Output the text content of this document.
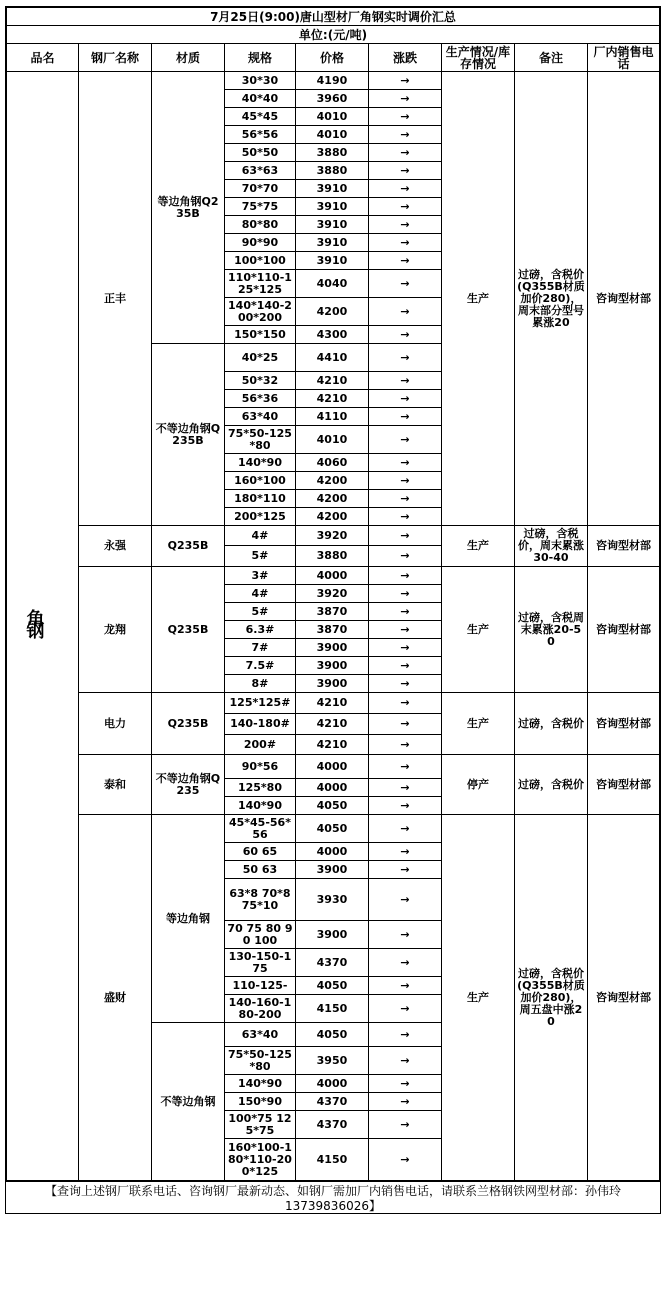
7月25日(9:00)唐山型材厂角钢实时调价汇总								
单位:(元/吨)								
品名	钢厂名称	材质	规格	价格	涨跌	生产情况/库存情况	备注	厂内销售电话
角 钢	正丰	等边角钢Q235B	30*30	4190	→	生产	过磅，含税价(Q355B材质加价280)，周末部分型号累涨20	咨询型材部
			40*40	3960	→			
			45*45	4010	→			
			56*56	4010	→			
			50*50	3880	→			
			63*63	3880	→			
			70*70	3910	→			
			75*75	3910	→			
			80*80	3910	→			
			90*90	3910	→			
			100*100	3910	→			
			110*110-125*125	4040	→			
			140*140-200*200	4200	→			
			150*150	4300	→			
		不等边角钢Q235B	40*25	4410	→			
			50*32	4210	→			
			56*36	4210	→			
			63*40	4110	→			
			75*50-125*80	4010	→			
			140*90	4060	→			
			160*100	4200	→			
			180*110	4200	→			
			200*125	4200	→			
	永强	Q235B	4#	3920	→	生产	过磅，含税价，周末累涨30-40	咨询型材部
			5#	3880	→			
	龙翔	Q235B	3#	4000	→	生产	过磅，含税周末累涨20-50	咨询型材部
			4#	3920	→			
			5#	3870	→			
			6.3#	3870	→			
			7#	3900	→			
			7.5#	3900	→			
			8#	3900	→			
	电力	Q235B	125*125#	4210	→	生产	过磅，含税价	咨询型材部
			140-180#	4210	→			
			200#	4210	→			
	泰和	不等边角钢Q235	90*56	4000	→	停产	过磅，含税价	咨询型材部
			125*80	4000	→			
			140*90	4050	→			
	盛财	等边角钢	45*45-56*56	4050	→	生产	过磅，含税价(Q355B材质加价280)，周五盘中涨20	咨询型材部
			60 65	4000	→			
			50 63	3900	→			
			63*8 70*8 75*10	3930	→			
			70 75 80 90 100	3900	→			
			130-150-175	4370	→			
			110-125-	4050	→			
			140-160-180-200	4150	→			
		不等边角钢	63*40	4050	→			
			75*50-125*80	3950	→			
			140*90	4000	→			
			150*90	4370	→			
			100*75 125*75	4370	→			
			160*100-180*110-200*125	4150	→			
【查询上述钢厂联系电话、咨询钢厂最新动态、如钢厂需加厂内销售电话，请联系兰格钢铁网型材部：孙伟玲13739836026】
